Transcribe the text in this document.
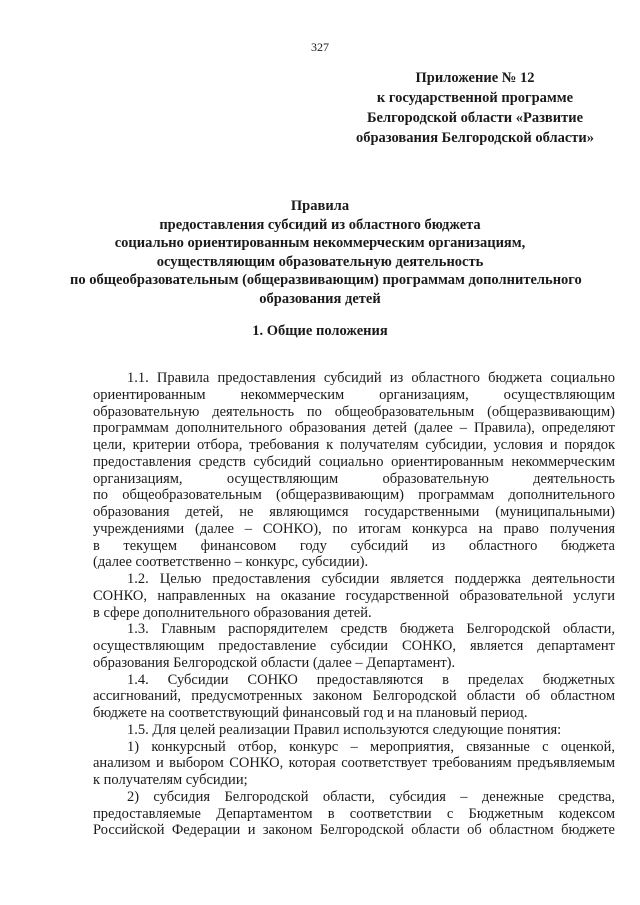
327
Приложение № 12
к государственной программе
Белгородской области «Развитие
образования Белгородской области»
Правила
предоставления субсидий из областного бюджета
социально ориентированным некоммерческим организациям,
осуществляющим образовательную деятельность
по общеобразовательным (общеразвивающим) программам дополнительного
образования детей
1. Общие положения
1.1. Правила предоставления субсидий из областного бюджета социально
ориентированным некоммерческим организациям, осуществляющим
образовательную деятельность по общеобразовательным (общеразвивающим)
программам дополнительного образования детей (далее – Правила), определяют
цели, критерии отбора, требования к получателям субсидии, условия и порядок
предоставления средств субсидий социально ориентированным некоммерческим
организациям, осуществляющим образовательную деятельность
по общеобразовательным (общеразвивающим) программам дополнительного
образования детей, не являющимся государственными (муниципальными)
учреждениями (далее – СОНКО), по итогам конкурса на право получения
в текущем финансовом году субсидий из областного бюджета
(далее соответственно – конкурс, субсидии).
1.2. Целью предоставления субсидии является поддержка деятельности
СОНКО, направленных на оказание государственной образовательной услуги
в сфере дополнительного образования детей.
1.3. Главным распорядителем средств бюджета Белгородской области,
осуществляющим предоставление субсидии СОНКО, является департамент
образования Белгородской области (далее – Департамент).
1.4. Субсидии СОНКО предоставляются в пределах бюджетных
ассигнований, предусмотренных законом Белгородской области об областном
бюджете на соответствующий финансовый год и на плановый период.
1.5. Для целей реализации Правил используются следующие понятия:
1) конкурсный отбор, конкурс – мероприятия, связанные с оценкой,
анализом и выбором СОНКО, которая соответствует требованиям предъявляемым
к получателям субсидии;
2) субсидия Белгородской области, субсидия – денежные средства,
предоставляемые Департаментом в соответствии с Бюджетным кодексом
Российской Федерации и законом Белгородской области об областном бюджете
